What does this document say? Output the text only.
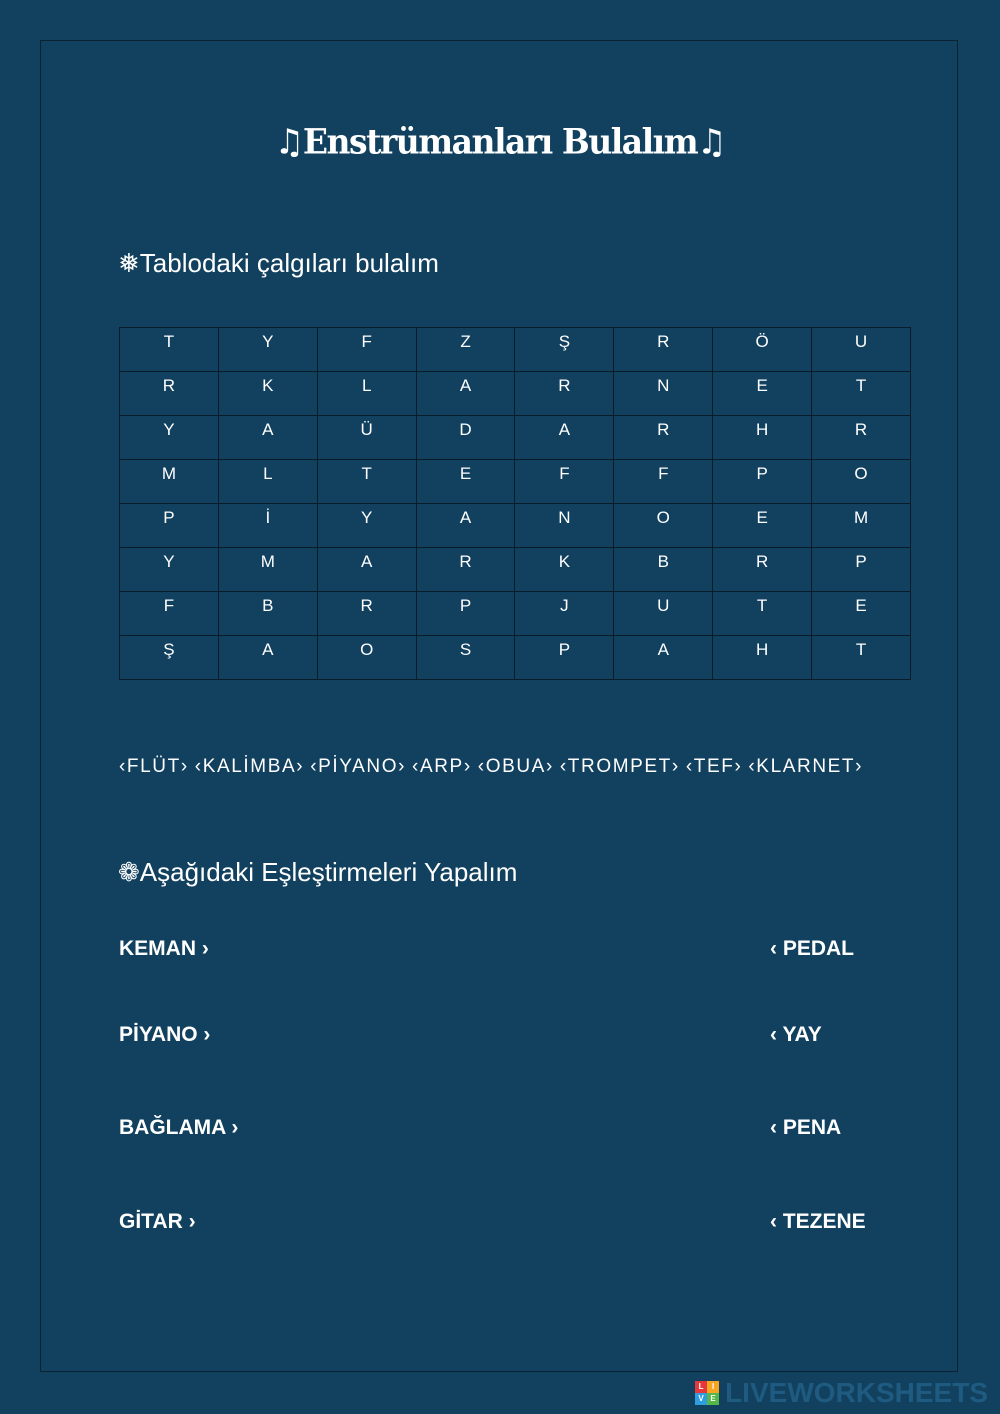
♫Enstrümanları Bulalım♫
❅Tablodaki çalgıları bulalım
T	Y	F	Z	Ş	R	Ö	U
R	K	L	A	R	N	E	T
Y	A	Ü	D	A	R	H	R
M	L	T	E	F	F	P	O
P	İ	Y	A	N	O	E	M
Y	M	A	R	K	B	R	P
F	B	R	P	J	U	T	E
Ş	A	O	S	P	A	H	T
‹FLÜT› ‹KALİMBA› ‹PİYANO› ‹ARP› ‹OBUA› ‹TROMPET› ‹TEF› ‹KLARNET›
❁Aşağıdaki Eşleştirmeleri Yapalım
KEMAN ›
PİYANO ›
BAĞLAMA ›
GİTAR ›
‹ PEDAL
‹ YAY
‹ PENA
‹ TEZENE
L	I
V E LIVEWORKSHEETS
